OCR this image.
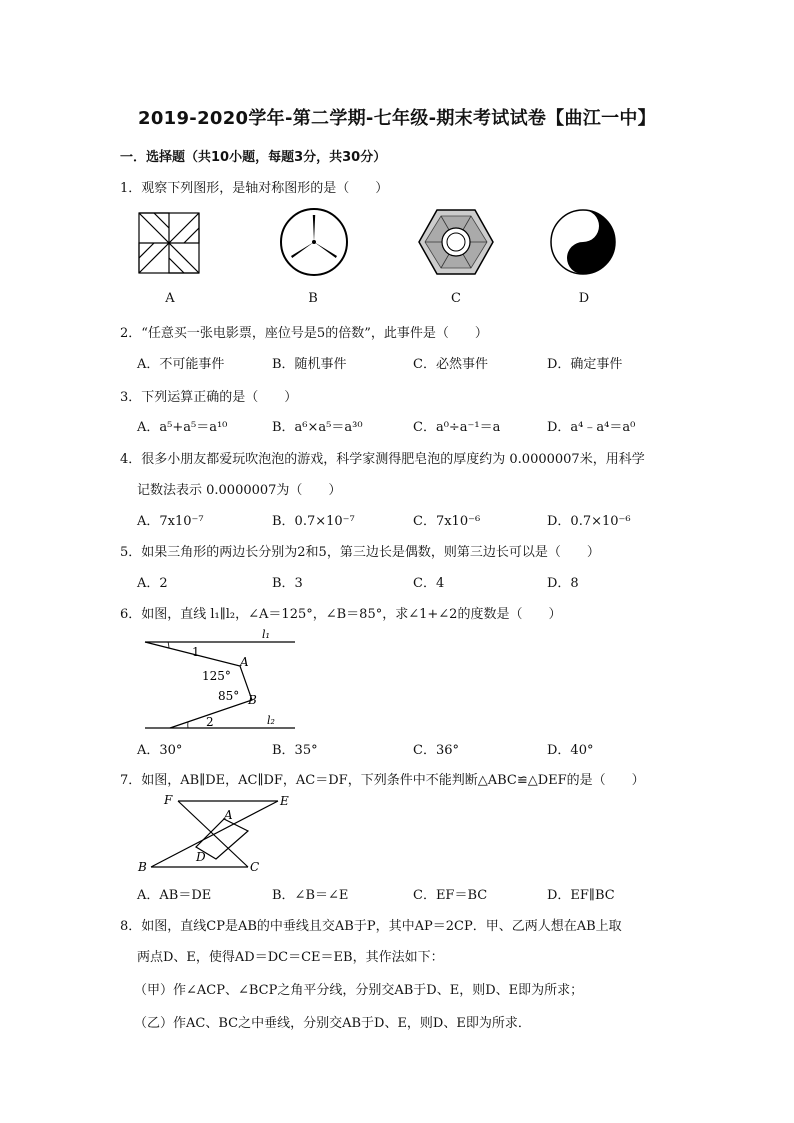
2019-2020学年-第二学期-七年级-期末考试试卷【曲江一中】
一．选择题（共10小题，每题3分，共30分）
1．观察下列图形，是轴对称图形的是（　　）
A	B	C	D
2．“任意买一张电影票，座位号是5的倍数”，此事件是（　　）
A．不可能事件	B．随机事件	C．必然事件	D．确定事件
3．下列运算正确的是（　　）
A．a⁵+a⁵＝a¹⁰	B．a⁶×a⁵＝a³⁰	C．a⁰÷a⁻¹＝a	D．a⁴﹣a⁴＝a⁰
4．很多小朋友都爱玩吹泡泡的游戏，科学家测得肥皂泡的厚度约为 0.0000007米，用科学
记数法表示 0.0000007为（　　）
A．7x10⁻⁷	B．0.7×10⁻⁷	C．7x10⁻⁶	D．0.7×10⁻⁶
5．如果三角形的两边长分别为2和5，第三边长是偶数，则第三边长可以是（　　）
A．2	B．3	C．4	D．8
6．如图，直线 l₁∥l₂，∠A＝125°，∠B＝85°，求∠1+∠2的度数是（　　）
l₁
l₂
1
2
A
B
125°
85°
A．30°	B．35°	C．36°	D．40°
7．如图，AB∥DE，AC∥DF，AC＝DF，下列条件中不能判断△ABC≌△DEF的是（　　）
F	E
A
D
B	C
A．AB＝DE	B．∠B＝∠E	C．EF＝BC	D．EF∥BC
8．如图，直线CP是AB的中垂线且交AB于P，其中AP＝2CP．甲、乙两人想在AB上取
两点D、E，使得AD＝DC＝CE＝EB，其作法如下：
（甲）作∠ACP、∠BCP之角平分线，分别交AB于D、E，则D、E即为所求；
（乙）作AC、BC之中垂线，分别交AB于D、E，则D、E即为所求．
